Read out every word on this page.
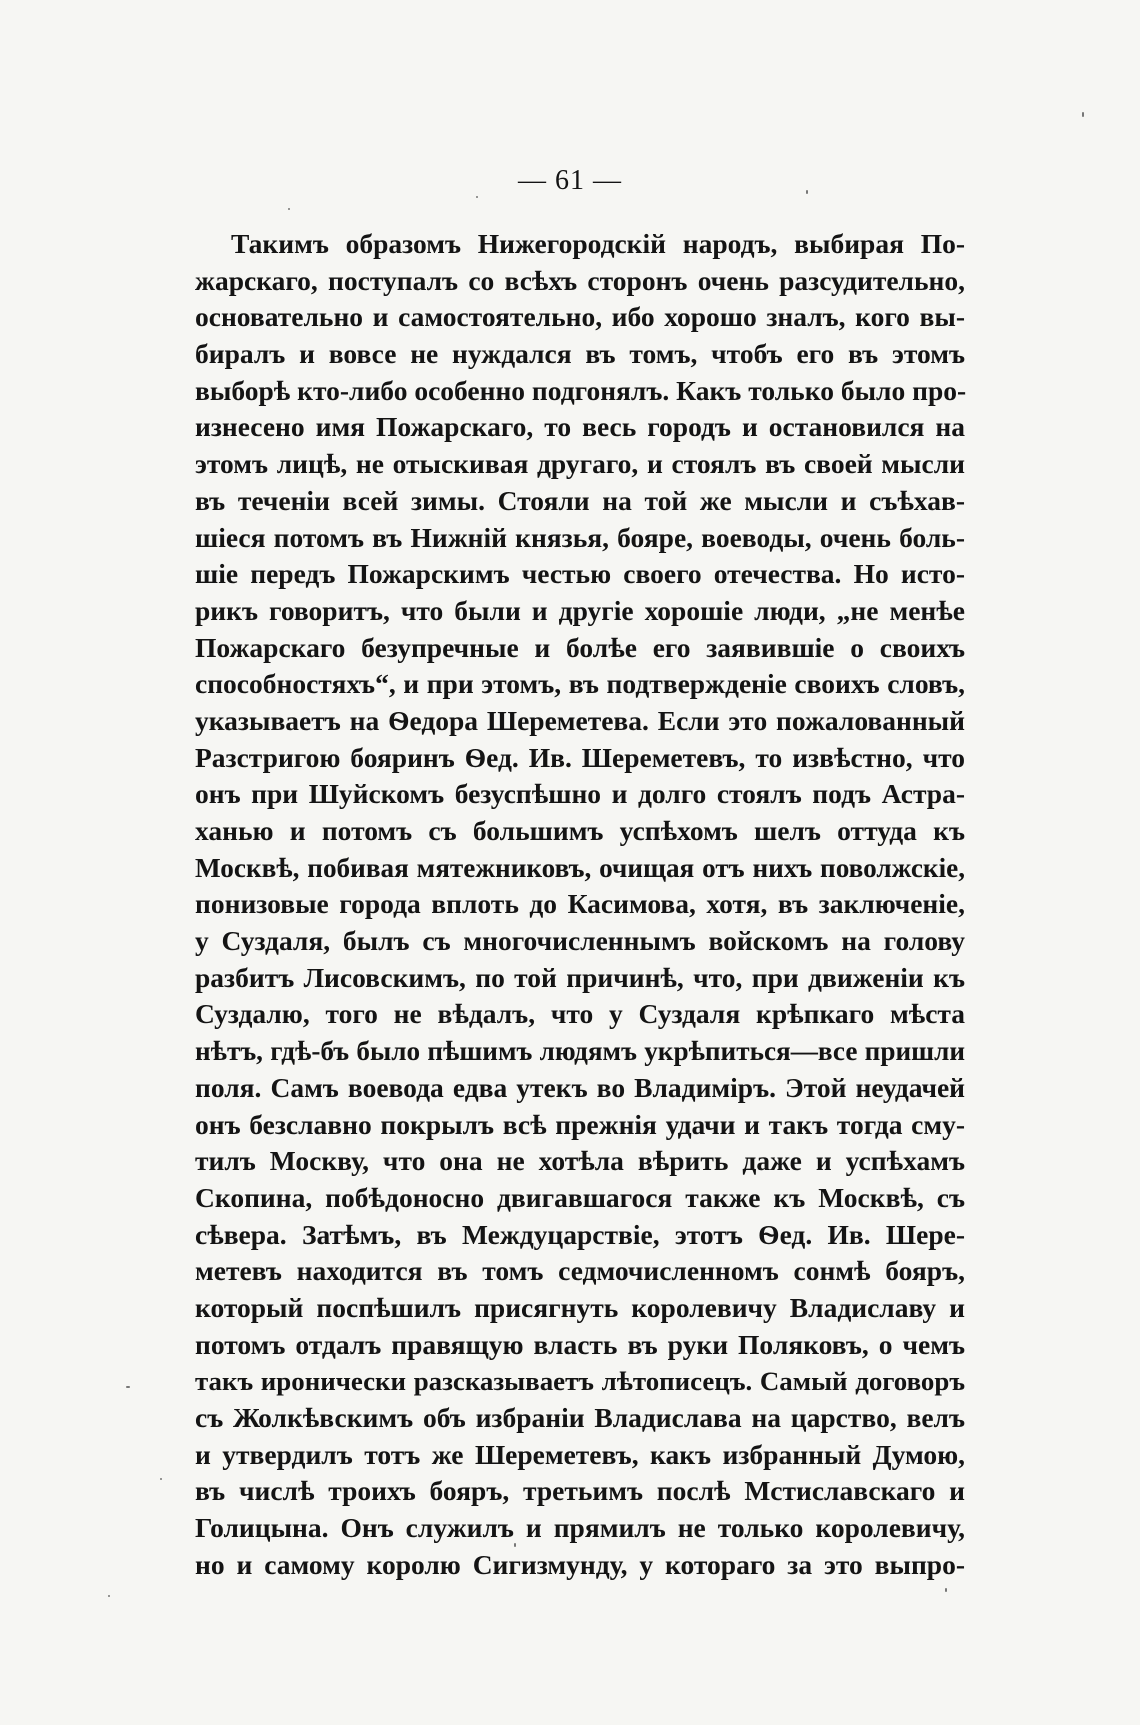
— 61 —
Такимъ образомъ Нижегородскій народъ, выбирая По-
жарскаго, поступалъ со всѣхъ сторонъ очень разсудительно,
основательно и самостоятельно, ибо хорошо зналъ, кого вы-
биралъ и вовсе не нуждался въ томъ, чтобъ его въ этомъ
выборѣ кто-либо особенно подгонялъ. Какъ только было про-
изнесено имя Пожарскаго, то весь городъ и остановился на
этомъ лицѣ, не отыскивая другаго, и стоялъ въ своей мысли
въ теченіи всей зимы. Стояли на той же мысли и съѣхав-
шіеся потомъ въ Нижній князья, бояре, воеводы, очень боль-
шіе передъ Пожарскимъ честью своего отечества. Но исто-
рикъ говоритъ, что были и другіе хорошіе люди, „не менѣе
Пожарскаго безупречные и болѣе его заявившіе о своихъ
способностяхъ“, и при этомъ, въ подтвержденіе своихъ словъ,
указываетъ на Ѳедора Шереметева. Если это пожалованный
Разстригою бояринъ Ѳед. Ив. Шереметевъ, то извѣстно, что
онъ при Шуйскомъ безуспѣшно и долго стоялъ подъ Астра-
ханью и потомъ съ большимъ успѣхомъ шелъ оттуда къ
Москвѣ, побивая мятежниковъ, очищая отъ нихъ поволжскіе,
понизовые города вплоть до Касимова, хотя, въ заключеніе,
у Суздаля, былъ съ многочисленнымъ войскомъ на голову
разбитъ Лисовскимъ, по той причинѣ, что, при движеніи къ
Суздалю, того не вѣдалъ, что у Суздаля крѣпкаго мѣста
нѣтъ, гдѣ-бъ было пѣшимъ людямъ укрѣпиться—все пришли
поля. Самъ воевода едва утекъ во Владиміръ. Этой неудачей
онъ безславно покрылъ всѣ прежнія удачи и такъ тогда сму-
тилъ Москву, что она не хотѣла вѣрить даже и успѣхамъ
Скопина, побѣдоносно двигавшагося также къ Москвѣ, съ
сѣвера. Затѣмъ, въ Междуцарствіе, этотъ Ѳед. Ив. Шере-
метевъ находится въ томъ седмочисленномъ сонмѣ бояръ,
который поспѣшилъ присягнуть королевичу Владиславу и
потомъ отдалъ правящую власть въ руки Поляковъ, о чемъ
такъ иронически разсказываетъ лѣтописецъ. Самый договоръ
съ Жолкѣвскимъ объ избраніи Владислава на царство, велъ
и утвердилъ тотъ же Шереметевъ, какъ избранный Думою,
въ числѣ троихъ бояръ, третьимъ послѣ Мстиславскаго и
Голицына. Онъ служилъ и прямилъ не только королевичу,
но и самому королю Сигизмунду, у котораго за это выпро-
